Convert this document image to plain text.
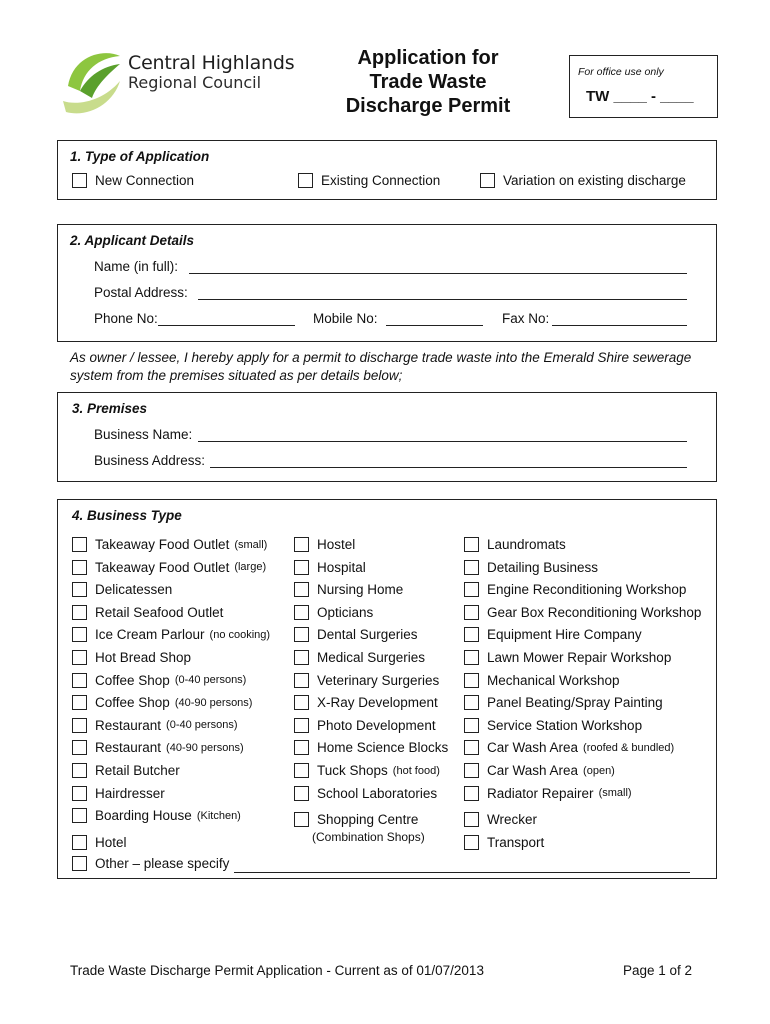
Central Highlands
Regional Council
Application for
Trade Waste
Discharge Permit
For office use only
TW ____ - ____
1. Type of Application
New Connection	Existing Connection	Variation on existing discharge
2. Applicant Details
Name (in full):
Postal Address:
Phone No:	Mobile No:	Fax No:
As owner / lessee, I hereby apply for a permit to discharge trade waste into the Emerald Shire sewerage system from the premises situated as per details below;
3. Premises
Business Name:
Business Address:
4. Business Type
Takeaway Food Outlet (small)
Takeaway Food Outlet (large)
Delicatessen
Retail Seafood Outlet
Ice Cream Parlour (no cooking)
Hot Bread Shop
Coffee Shop (0-40 persons)
Coffee Shop (40-90 persons)
Restaurant (0-40 persons)
Restaurant (40-90 persons)
Retail Butcher
Hairdresser
Boarding House (Kitchen)
Hotel
Hostel
Hospital
Nursing Home
Opticians
Dental Surgeries
Medical Surgeries
Veterinary Surgeries
X-Ray Development
Photo Development
Home Science Blocks
Tuck Shops (hot food)
School Laboratories
Shopping Centre
Laundromats
Detailing Business
Engine Reconditioning Workshop
Gear Box Reconditioning Workshop
Equipment Hire Company
Lawn Mower Repair Workshop
Mechanical Workshop
Panel Beating/Spray Painting
Service Station Workshop
Car Wash Area (roofed & bundled)
Car Wash Area (open)
Radiator Repairer (small)
Wrecker
Transport
(Combination Shops)
Other – please specify
Trade Waste Discharge Permit Application - Current as of 01/07/2013	Page 1 of 2
